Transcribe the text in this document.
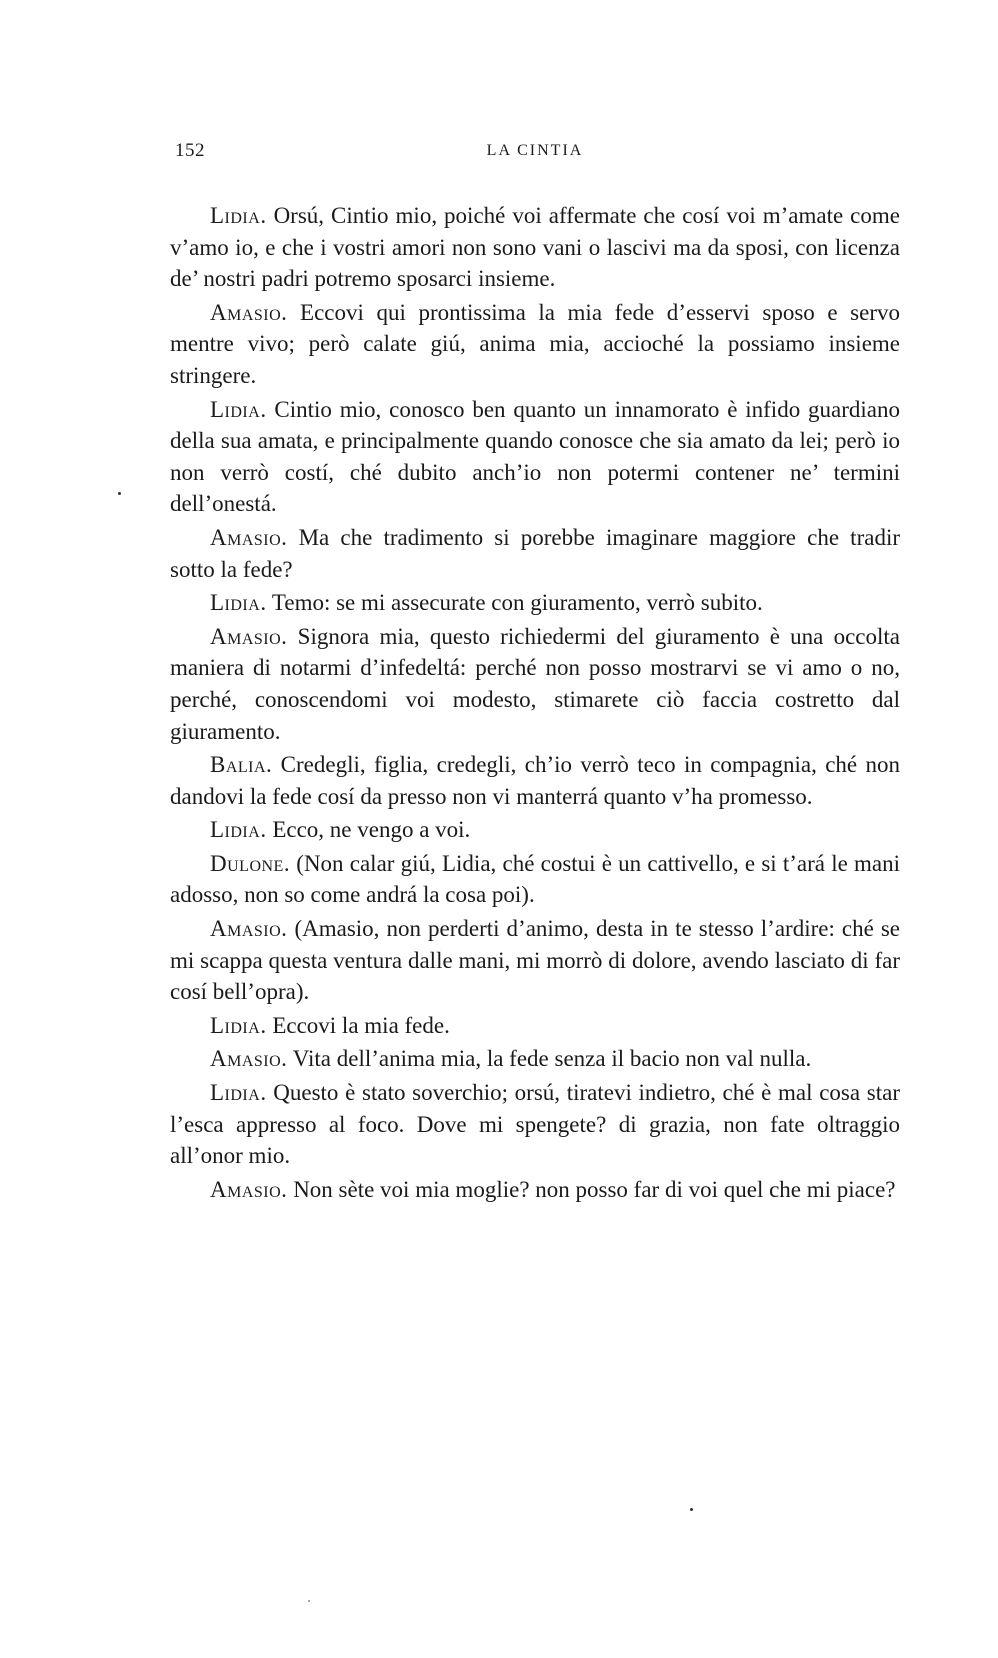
152	LA CINTIA

Lidia. Orsú, Cintio mio, poiché voi affermate che cosí voi m’amate come v’amo io, e che i vostri amori non sono vani o lascivi ma da sposi, con licenza de’ nostri padri potremo sposarci insieme.

Amasio. Eccovi qui prontissima la mia fede d’esservi sposo e servo mentre vivo; però calate giú, anima mia, accioché la possiamo insieme stringere.

Lidia. Cintio mio, conosco ben quanto un innamorato è infido guardiano della sua amata, e principalmente quando conosce che sia amato da lei; però io non verrò costí, ché dubito anch’io non potermi contener ne’ termini dell’onestá.

Amasio. Ma che tradimento si porebbe imaginare maggiore che tradir sotto la fede?

Lidia. Temo: se mi assecurate con giuramento, verrò subito.

Amasio. Signora mia, questo richiedermi del giuramento è una occolta maniera di notarmi d’infedeltá: perché non posso mostrarvi se vi amo o no, perché, conoscendomi voi modesto, stimarete ciò faccia costretto dal giuramento.

Balia. Credegli, figlia, credegli, ch’io verrò teco in compagnia, ché non dandovi la fede cosí da presso non vi manterrá quanto v’ha promesso.

Lidia. Ecco, ne vengo a voi.

Dulone. (Non calar giú, Lidia, ché costui è un cattivello, e si t’ará le mani adosso, non so come andrá la cosa poi).

Amasio. (Amasio, non perderti d’animo, desta in te stesso l’ardire: ché se mi scappa questa ventura dalle mani, mi morrò di dolore, avendo lasciato di far cosí bell’opra).

Lidia. Eccovi la mia fede.

Amasio. Vita dell’anima mia, la fede senza il bacio non val nulla.

Lidia. Questo è stato soverchio; orsú, tiratevi indietro, ché è mal cosa star l’esca appresso al foco. Dove mi spengete? di grazia, non fate oltraggio all’onor mio.

Amasio. Non sète voi mia moglie? non posso far di voi quel che mi piace?
